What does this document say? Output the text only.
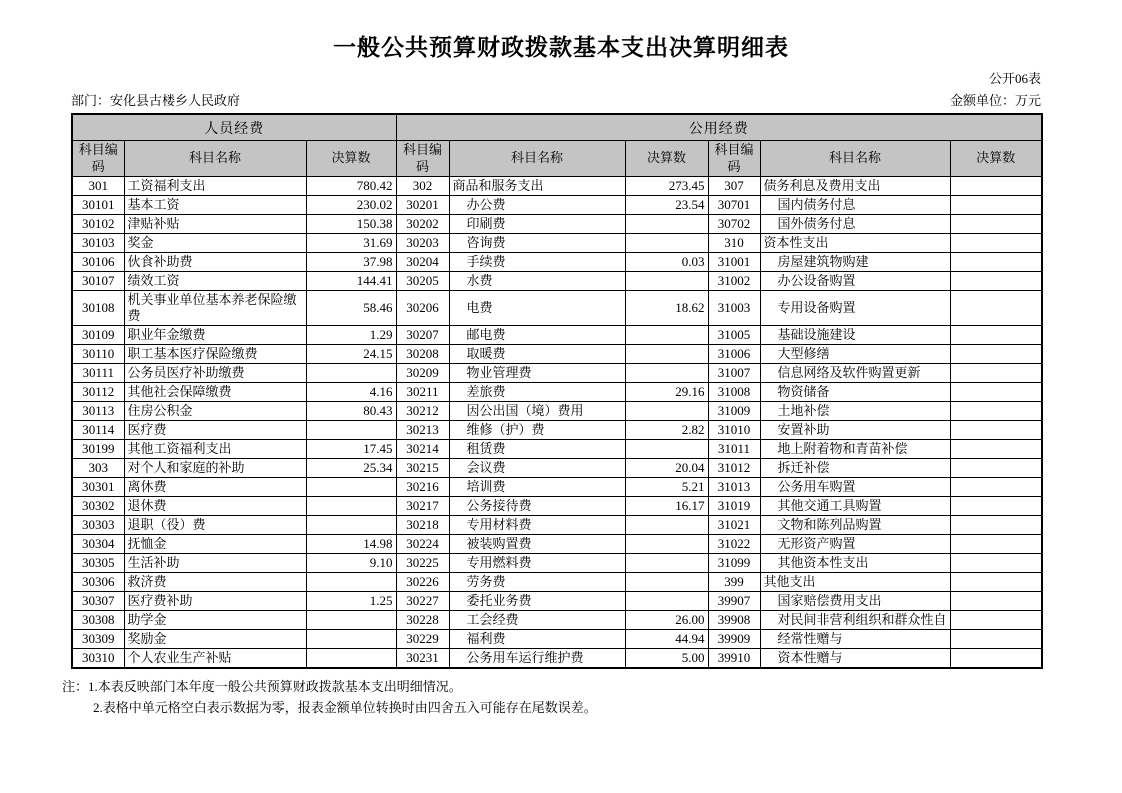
一般公共预算财政拨款基本支出决算明细表
公开06表
部门：安化县古楼乡人民政府	金额单位：万元
人员经费			公用经费					
科目编码	科目名称	决算数	科目编码	科目名称	决算数	科目编码	科目名称	决算数
301	工资福利支出	780.42	302	商品和服务支出	273.45	307	债务利息及费用支出	
30101	基本工资	230.02	30201	办公费	23.54	30701	国内债务付息	
30102	津贴补贴	150.38	30202	印刷费		30702	国外债务付息	
30103	奖金	31.69	30203	咨询费		310	资本性支出	
30106	伙食补助费	37.98	30204	手续费	0.03	31001	房屋建筑物购建	
30107	绩效工资	144.41	30205	水费		31002	办公设备购置	
30108	机关事业单位基本养老保险缴费	58.46	30206	电费	18.62	31003	专用设备购置	
30109	职业年金缴费	1.29	30207	邮电费		31005	基础设施建设	
30110	职工基本医疗保险缴费	24.15	30208	取暖费		31006	大型修缮	
30111	公务员医疗补助缴费		30209	物业管理费		31007	信息网络及软件购置更新	
30112	其他社会保障缴费	4.16	30211	差旅费	29.16	31008	物资储备	
30113	住房公积金	80.43	30212	因公出国（境）费用		31009	土地补偿	
30114	医疗费		30213	维修（护）费	2.82	31010	安置补助	
30199	其他工资福利支出	17.45	30214	租赁费		31011	地上附着物和青苗补偿	
303	对个人和家庭的补助	25.34	30215	会议费	20.04	31012	拆迁补偿	
30301	离休费		30216	培训费	5.21	31013	公务用车购置	
30302	退休费		30217	公务接待费	16.17	31019	其他交通工具购置	
30303	退职（役）费		30218	专用材料费		31021	文物和陈列品购置	
30304	抚恤金	14.98	30224	被装购置费		31022	无形资产购置	
30305	生活补助	9.10	30225	专用燃料费		31099	其他资本性支出	
30306	救济费		30226	劳务费		399	其他支出	
30307	医疗费补助	1.25	30227	委托业务费		39907	国家赔偿费用支出	
30308	助学金		30228	工会经费	26.00	39908	对民间非营利组织和群众性自	
30309	奖励金		30229	福利费	44.94	39909	经常性赠与	
30310	个人农业生产补贴		30231	公务用车运行维护费	5.00	39910	资本性赠与	
注：1.本表反映部门本年度一般公共预算财政拨款基本支出明细情况。
2.表格中单元格空白表示数据为零，报表金额单位转换时由四舍五入可能存在尾数误差。
